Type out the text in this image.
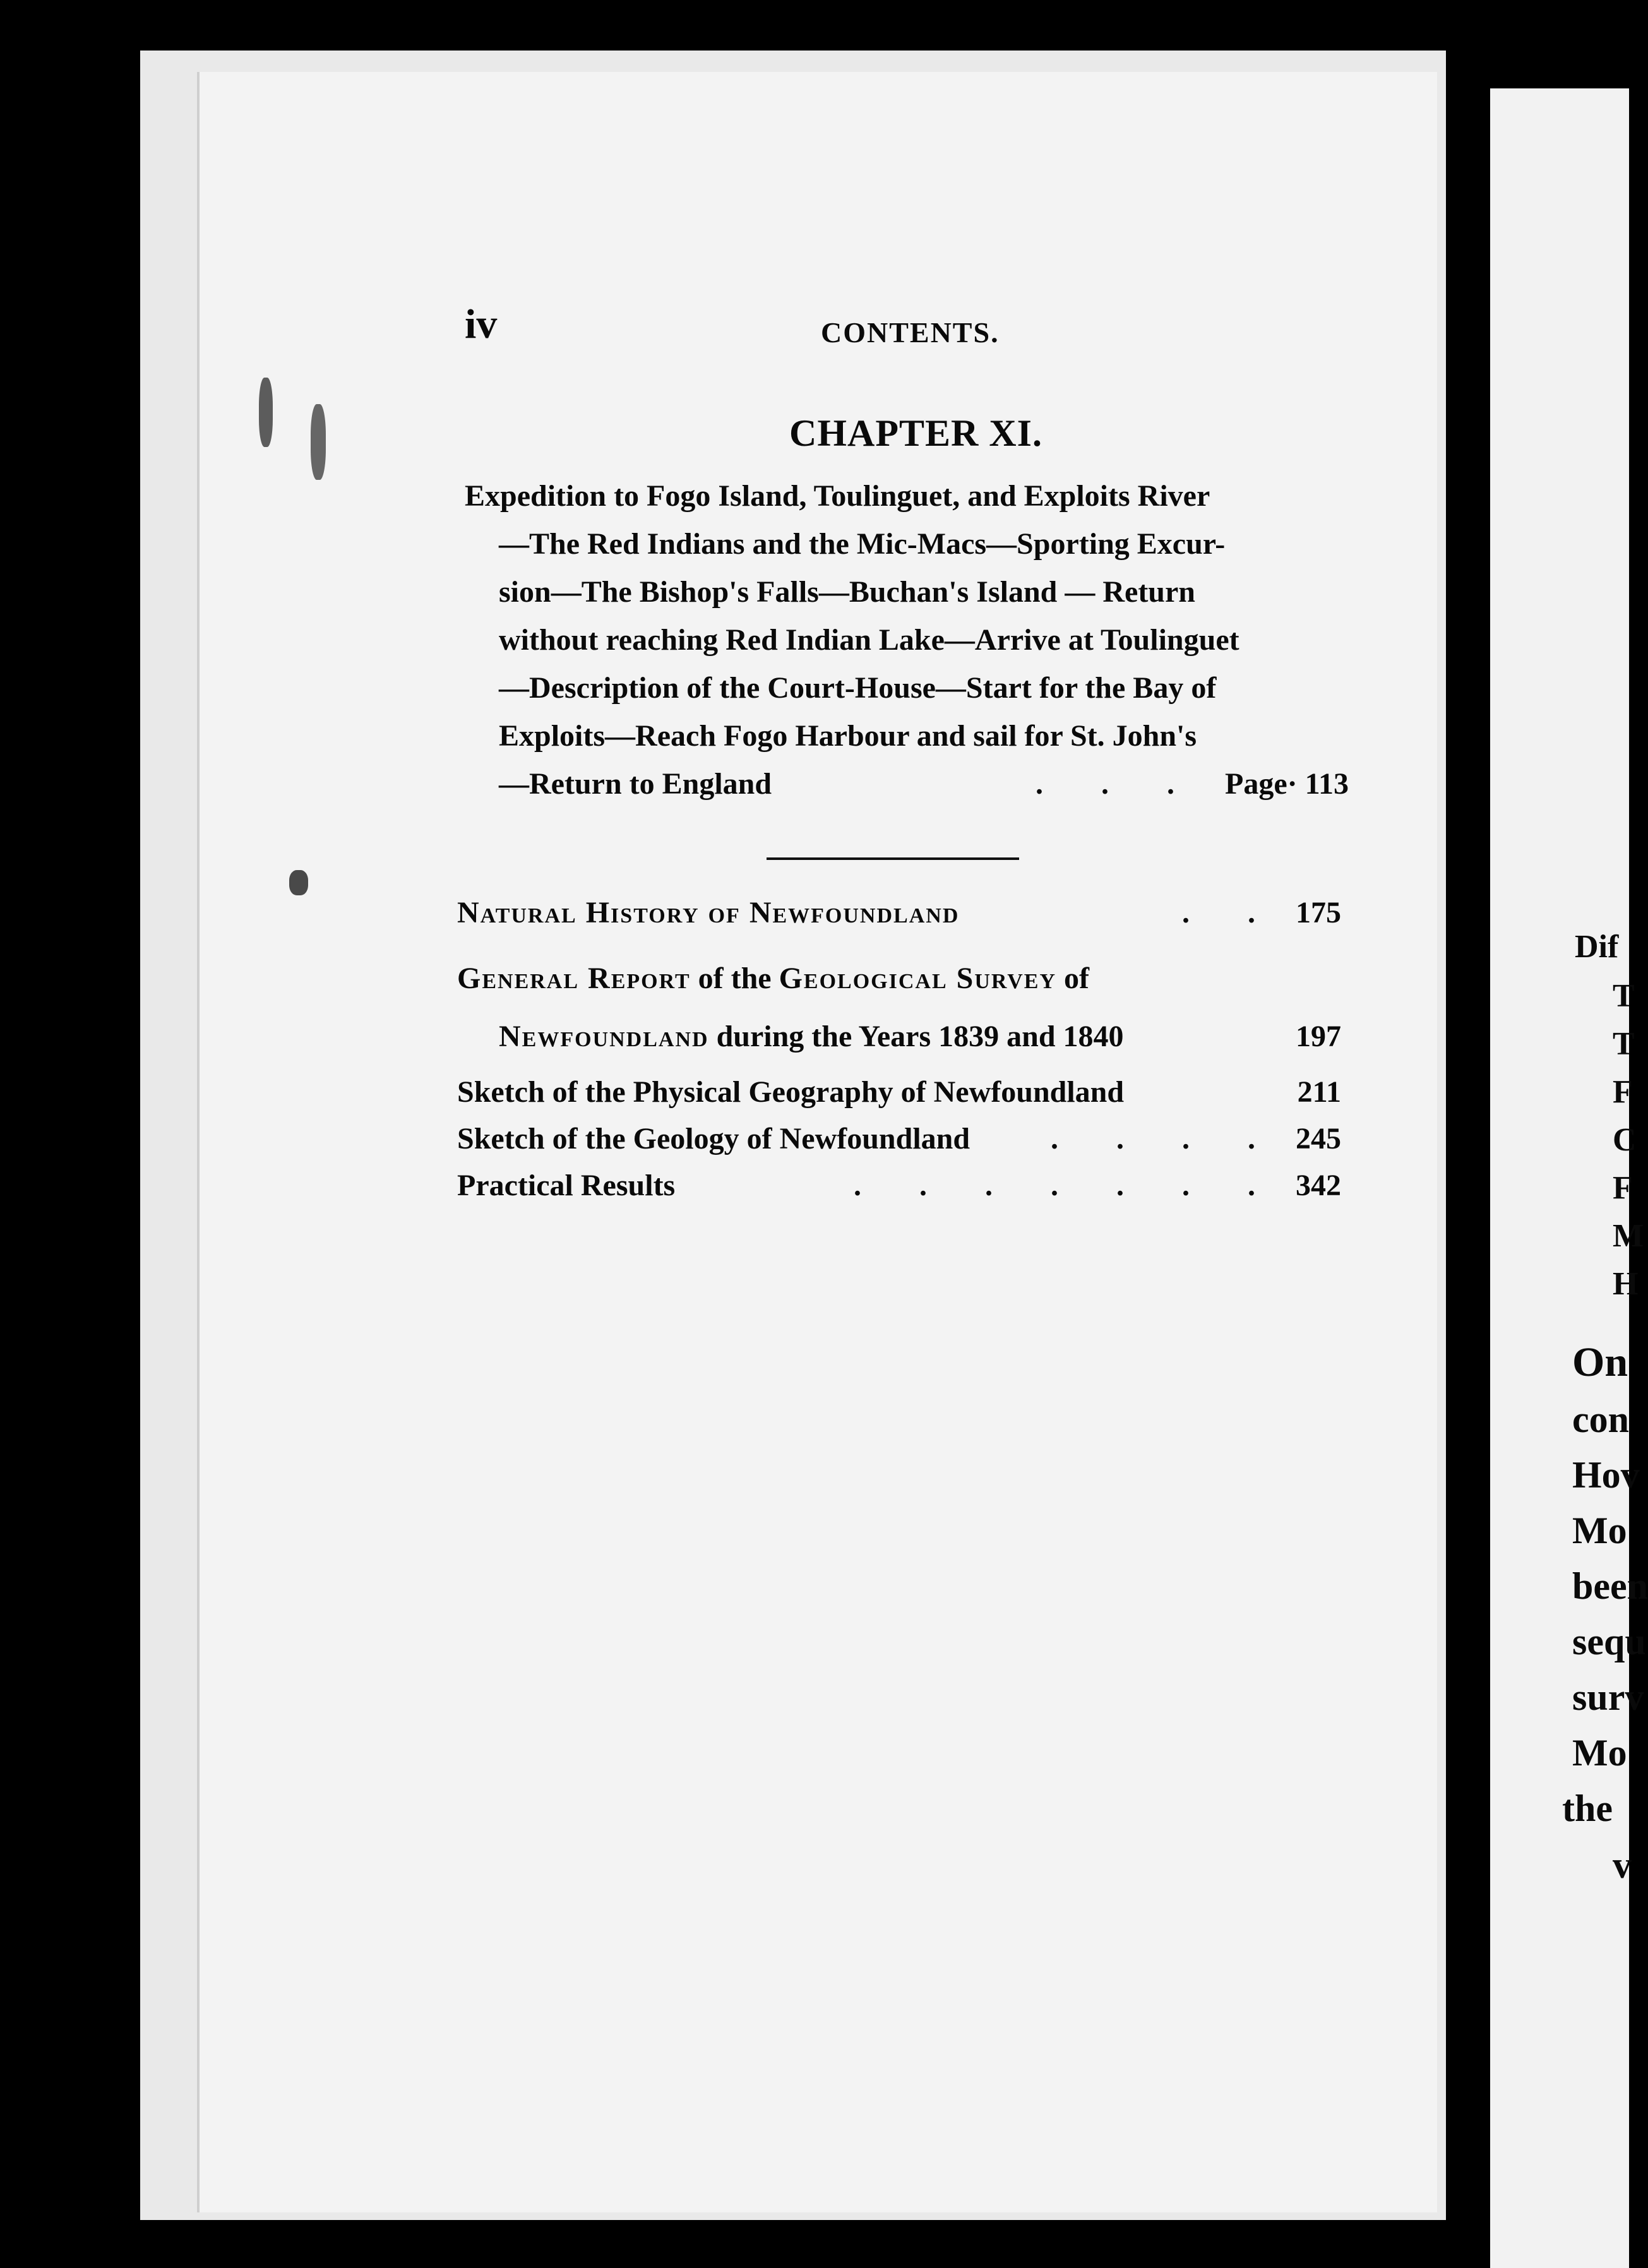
iv	CONTENTS.
CHAPTER XI.
Expedition to Fogo Island, Toulinguet, and Exploits River
—The Red Indians and the Mic-Macs—Sporting Excur-
sion—The Bishop's Falls—Buchan's Island — Return
without reaching Red Indian Lake—Arrive at Toulinguet
—Description of the Court-House—Start for the Bay of
Exploits—Reach Fogo Harbour and sail for St. John's
—Return to England	. . . Page· 113
Natural History of Newfoundland	. . 175
General Report of the Geological Survey of
Newfoundland during the Years 1839 and 1840	197
Sketch of the Physical Geography of Newfoundland	211
Sketch of the Geology of Newfoundland	. . . . 245
Practical Results	. . . . . . . 342
Dif
T
T
F
C
F
M
H
On
con
Hov
Mo
been
sequ
surv
Mo
the
v
